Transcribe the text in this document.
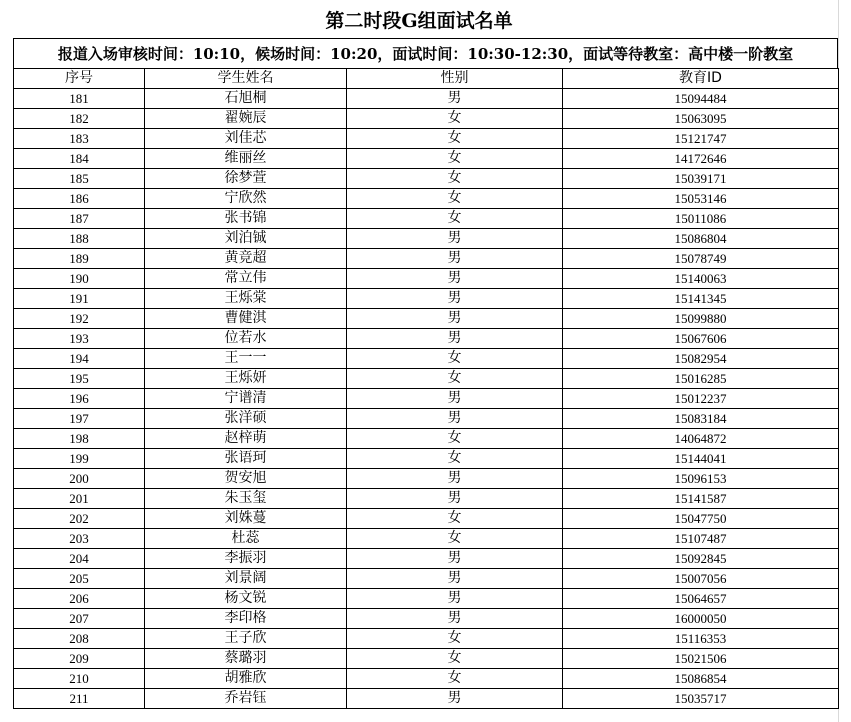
第二时段G组面试名单
报道入场审核时间：10:10，候场时间：10:20，面试时间：10:30-12:30，面试等待教室：高中楼一阶教室
序号	学生姓名	性别	教育ID
181	石旭桐	男	15094484
182	翟婉辰	女	15063095
183	刘佳芯	女	15121747
184	维丽丝	女	14172646
185	徐梦萱	女	15039171
186	宁欣然	女	15053146
187	张书锦	女	15011086
188	刘泊铖	男	15086804
189	黄竞超	男	15078749
190	常立伟	男	15140063
191	王烁棠	男	15141345
192	曹健淇	男	15099880
193	位若水	男	15067606
194	王一一	女	15082954
195	王烁妍	女	15016285
196	宁谱清	男	15012237
197	张洋硕	男	15083184
198	赵梓萌	女	14064872
199	张语珂	女	15144041
200	贺安旭	男	15096153
201	朱玉玺	男	15141587
202	刘姝蔓	女	15047750
203	杜蕊	女	15107487
204	李振羽	男	15092845
205	刘景阔	男	15007056
206	杨文锐	男	15064657
207	李印格	男	16000050
208	王子欣	女	15116353
209	蔡璐羽	女	15021506
210	胡雅欣	女	15086854
211	乔岩钰	男	15035717
